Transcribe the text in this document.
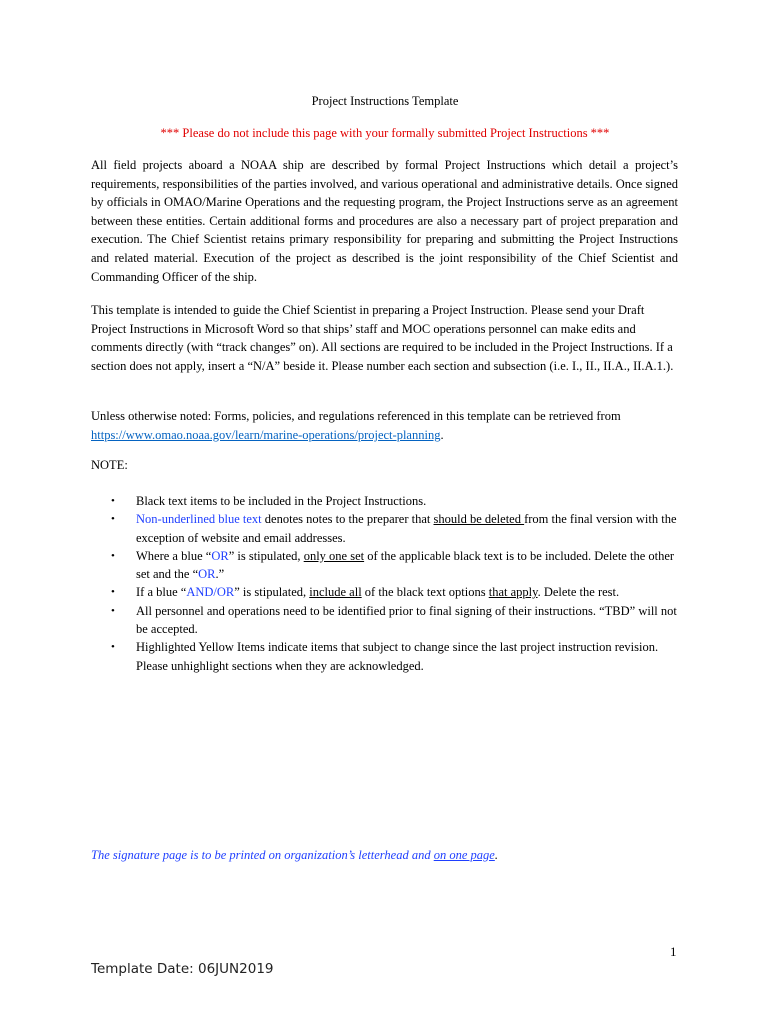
Project Instructions Template
*** Please do not include this page with your formally submitted Project Instructions ***
All field projects aboard a NOAA ship are described by formal Project Instructions which detail a project’s requirements, responsibilities of the parties involved, and various operational and administrative details. Once signed by officials in OMAO/Marine Operations and the requesting program, the Project Instructions serve as an agreement between these entities. Certain additional forms and procedures are also a necessary part of project preparation and execution. The Chief Scientist retains primary responsibility for preparing and submitting the Project Instructions and related material. Execution of the project as described is the joint responsibility of the Chief Scientist and Commanding Officer of the ship.
This template is intended to guide the Chief Scientist in preparing a Project Instruction. Please send your Draft Project Instructions in Microsoft Word so that ships’ staff and MOC operations personnel can make edits and comments directly (with “track changes” on). All sections are required to be included in the Project Instructions. If a section does not apply, insert a “N/A” beside it. Please number each section and subsection (i.e. I., II., II.A., II.A.1.).
Unless otherwise noted: Forms, policies, and regulations referenced in this template can be retrieved from https://www.omao.noaa.gov/learn/marine-operations/project-planning.
NOTE:
• Black text items to be included in the Project Instructions.
• Non-underlined blue text denotes notes to the preparer that should be deleted from the final version with the exception of website and email addresses.
• Where a blue “OR” is stipulated, only one set of the applicable black text is to be included. Delete the other set and the “OR.”
• If a blue “AND/OR” is stipulated, include all of the black text options that apply. Delete the rest.
• All personnel and operations need to be identified prior to final signing of their instructions. “TBD” will not be accepted.
• Highlighted Yellow Items indicate items that subject to change since the last project instruction revision. Please unhighlight sections when they are acknowledged.
The signature page is to be printed on organization’s letterhead and on one page.
1
Template Date: 06JUN2019
